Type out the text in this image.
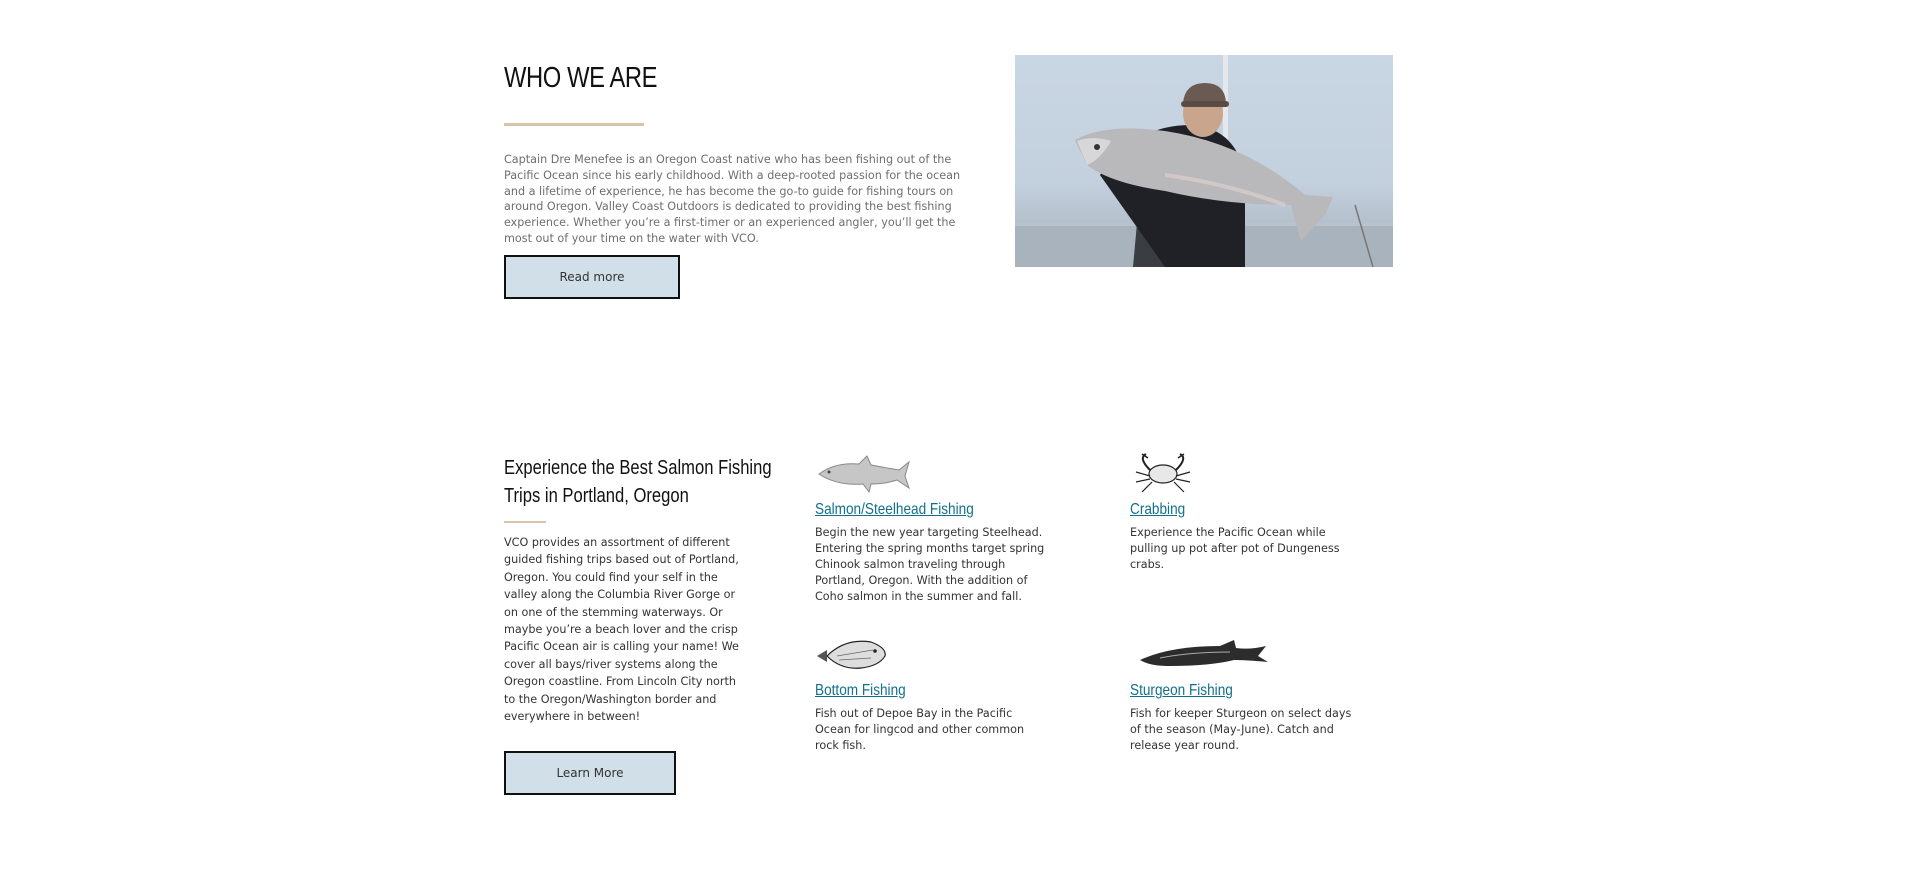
WHO WE ARE

Captain Dre Menefee is an Oregon Coast native who has been fishing out of the Pacific Ocean since his early childhood. With a deep-rooted passion for the ocean and a lifetime of experience, he has become the go-to guide for fishing tours on around Oregon. Valley Coast Outdoors is dedicated to providing the best fishing experience. Whether you’re a first-timer or an experienced angler, you’ll get the most out of your time on the water with VCO.

Read more
Experience the Best Salmon Fishing Trips in Portland, Oregon

VCO provides an assortment of different guided fishing trips based out of Portland, Oregon. You could find your self in the valley along the Columbia River Gorge or on one of the stemming waterways. Or maybe you’re a beach lover and the crisp Pacific Ocean air is calling your name! We cover all bays/river systems along the Oregon coastline. From Lincoln City north to the Oregon/Washington border and everywhere in between!

Learn More
Salmon/Steelhead Fishing

Begin the new year targeting Steelhead. Entering the spring months target spring Chinook salmon traveling through Portland, Oregon. With the addition of Coho salmon in the summer and fall.

Crabbing

Experience the Pacific Ocean while pulling up pot after pot of Dungeness crabs.

Bottom Fishing

Fish out of Depoe Bay in the Pacific Ocean for lingcod and other common rock fish.

Sturgeon Fishing

Fish for keeper Sturgeon on select days of the season (May-June). Catch and release year round.
